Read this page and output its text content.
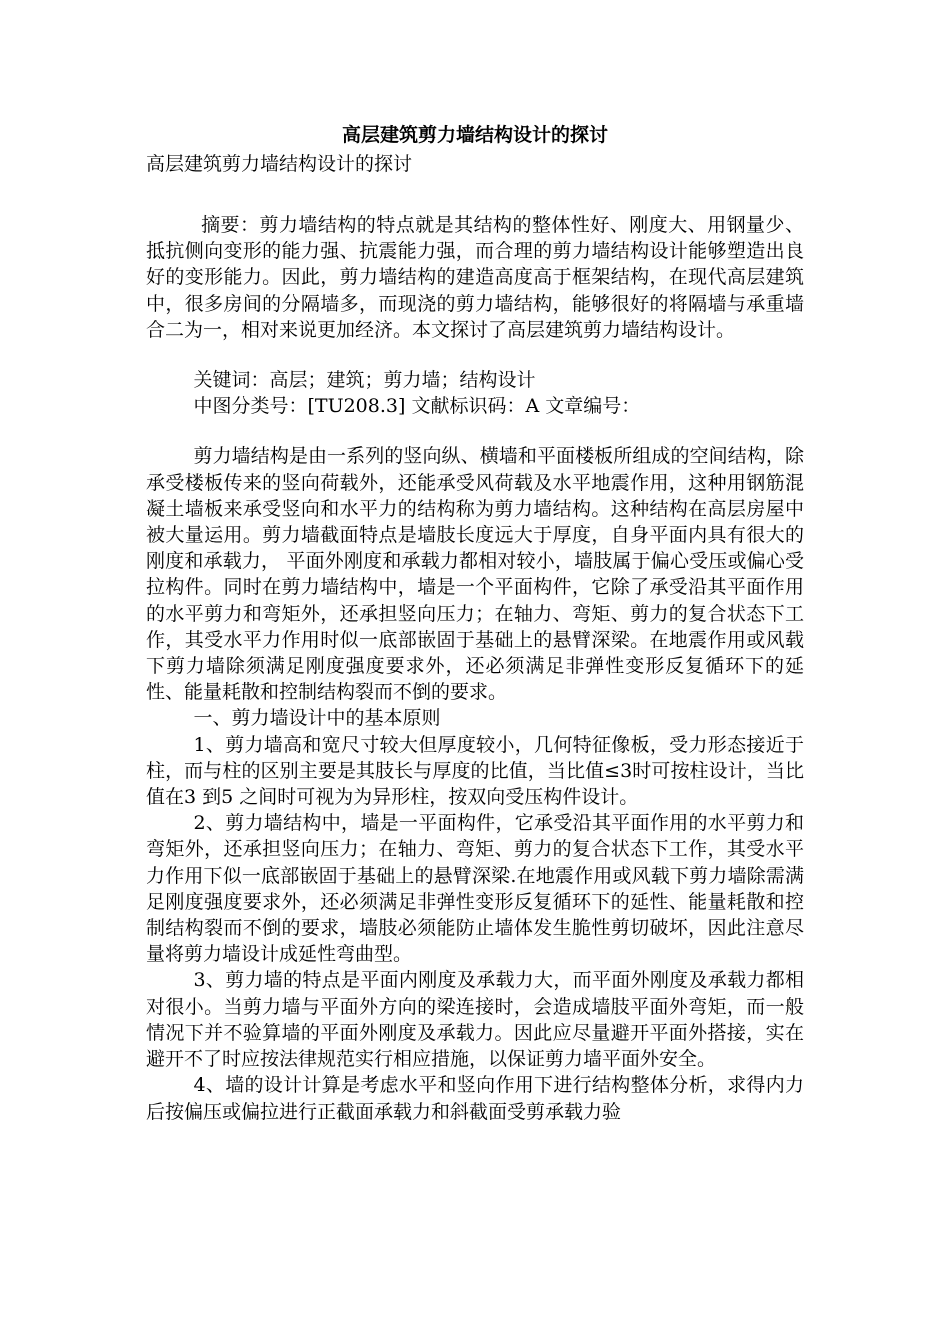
高层建筑剪力墙结构设计的探讨

高层建筑剪力墙结构设计的探讨

摘要：剪力墙结构的特点就是其结构的整体性好、刚度大、用钢量少、抵抗侧向变形的能力强、抗震能力强，而合理的剪力墙结构设计能够塑造出良好的变形能力。因此，剪力墙结构的建造高度高于框架结构，在现代高层建筑中，很多房间的分隔墙多，而现浇的剪力墙结构，能够很好的将隔墙与承重墙合二为一，相对来说更加经济。本文探讨了高层建筑剪力墙结构设计。

关键词：高层；建筑；剪力墙；结构设计

中图分类号：[TU208.3] 文献标识码：A 文章编号：

剪力墙结构是由一系列的竖向纵、横墙和平面楼板所组成的空间结构，除承受楼板传来的竖向荷载外，还能承受风荷载及水平地震作用，这种用钢筋混凝土墙板来承受竖向和水平力的结构称为剪力墙结构。这种结构在高层房屋中被大量运用。剪力墙截面特点是墙肢长度远大于厚度，自身平面内具有很大的刚度和承载力， 平面外刚度和承载力都相对较小，墙肢属于偏心受压或偏心受拉构件。同时在剪力墙结构中，墙是一个平面构件，它除了承受沿其平面作用的水平剪力和弯矩外，还承担竖向压力；在轴力、弯矩、剪力的复合状态下工作，其受水平力作用时似一底部嵌固于基础上的悬臂深梁。在地震作用或风载下剪力墙除须满足刚度强度要求外，还必须满足非弹性变形反复循环下的延性、能量耗散和控制结构裂而不倒的要求。

一、剪力墙设计中的基本原则

1、剪力墙高和宽尺寸较大但厚度较小，几何特征像板，受力形态接近于柱，而与柱的区别主要是其肢长与厚度的比值，当比值≤3时可按柱设计，当比值在3 到5 之间时可视为为异形柱，按双向受压构件设计。

2、剪力墙结构中，墙是一平面构件，它承受沿其平面作用的水平剪力和弯矩外，还承担竖向压力；在轴力、弯矩、剪力的复合状态下工作，其受水平力作用下似一底部嵌固于基础上的悬臂深梁.在地震作用或风载下剪力墙除需满足刚度强度要求外，还必须满足非弹性变形反复循环下的延性、能量耗散和控制结构裂而不倒的要求，墙肢必须能防止墙体发生脆性剪切破坏，因此注意尽量将剪力墙设计成延性弯曲型。

3、剪力墙的特点是平面内刚度及承载力大，而平面外刚度及承载力都相对很小。当剪力墙与平面外方向的梁连接时，会造成墙肢平面外弯矩，而一般情况下并不验算墙的平面外刚度及承载力。因此应尽量避开平面外搭接，实在避开不了时应按法律规范实行相应措施，以保证剪力墙平面外安全。

4、墙的设计计算是考虑水平和竖向作用下进行结构整体分析，求得内力后按偏压或偏拉进行正截面承载力和斜截面受剪承载力验
